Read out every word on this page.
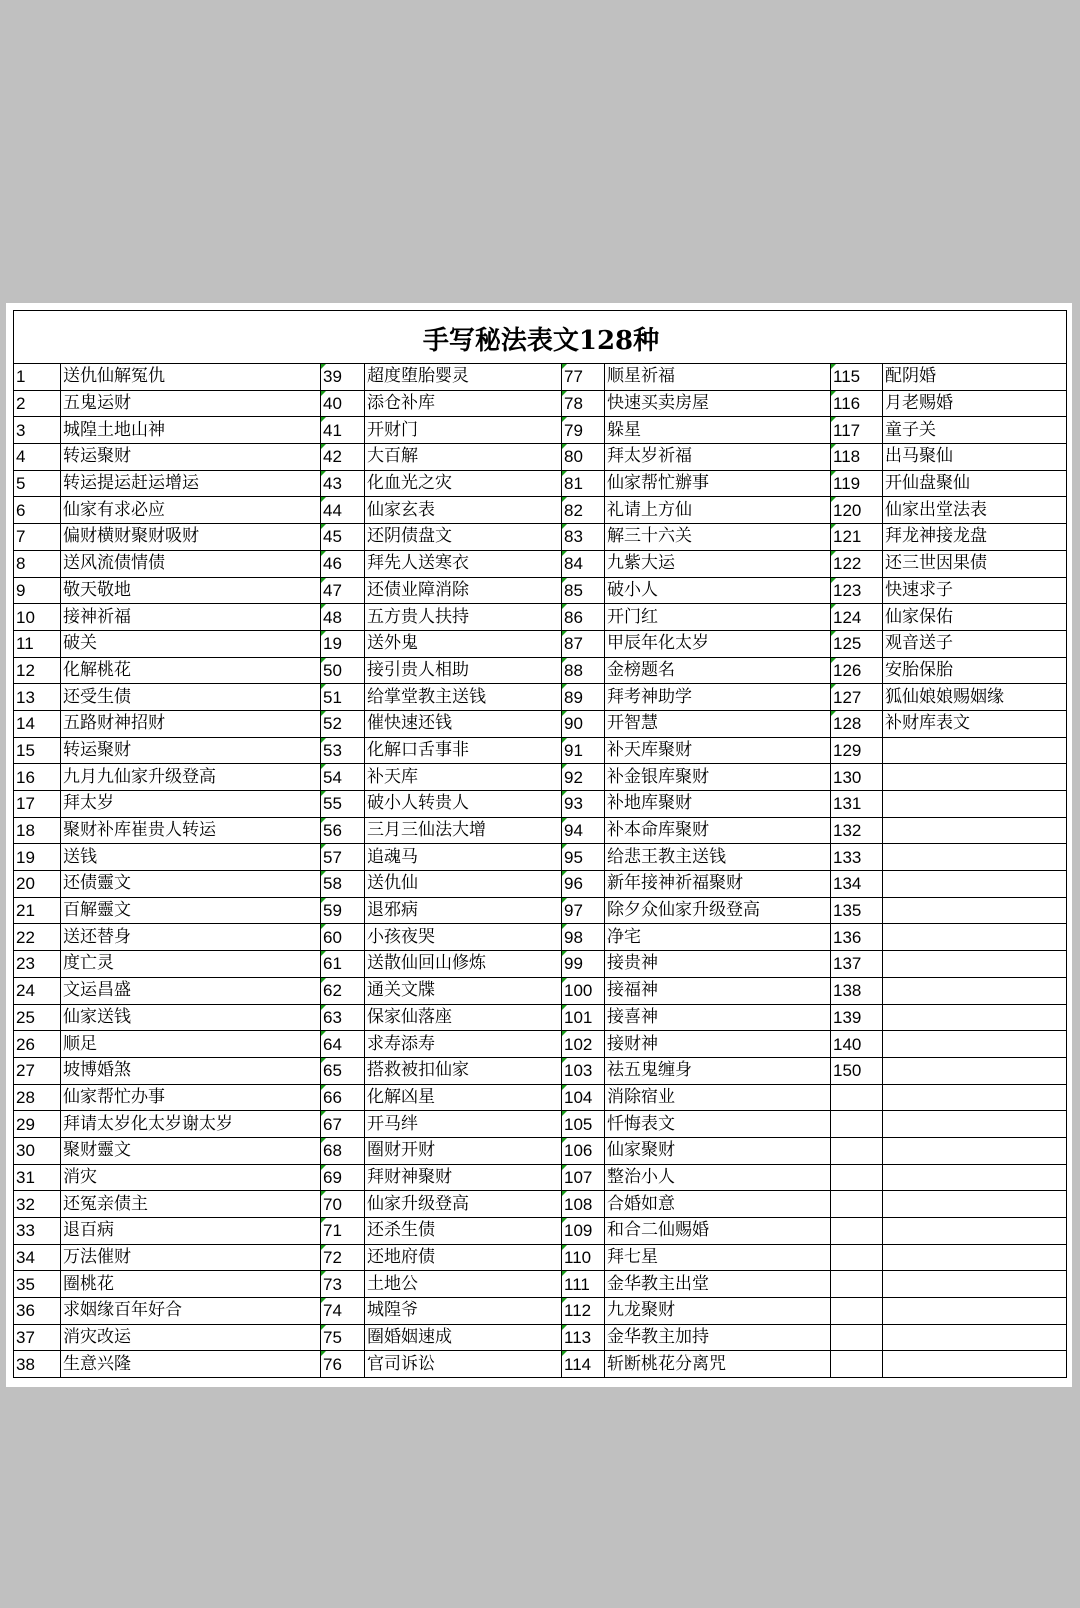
手写秘法表文128种							
1	送仇仙解冤仇	39	超度堕胎婴灵	77	顺星祈福	115	配阴婚
2	五鬼运财	40	添仓补库	78	快速买卖房屋	116	月老赐婚
3	城隍土地山神	41	开财门	79	躲星	117	童子关
4	转运聚财	42	大百解	80	拜太岁祈福	118	出马聚仙
5	转运提运赶运增运	43	化血光之灾	81	仙家帮忙辦事	119	开仙盘聚仙
6	仙家有求必应	44	仙家玄表	82	礼请上方仙	120	仙家出堂法表
7	偏财横财聚财吸财	45	还阴债盘文	83	解三十六关	121	拜龙神接龙盘
8	送风流债情债	46	拜先人送寒衣	84	九紫大运	122	还三世因果债
9	敬天敬地	47	还债业障消除	85	破小人	123	快速求子
10	接神祈福	48	五方贵人扶持	86	开门红	124	仙家保佑
11	破关	19	送外鬼	87	甲辰年化太岁	125	观音送子
12	化解桃花	50	接引贵人相助	88	金榜题名	126	安胎保胎
13	还受生债	51	给掌堂教主送钱	89	拜考神助学	127	狐仙娘娘赐姻缘
14	五路财神招财	52	催快速还钱	90	开智慧	128	补财库表文
15	转运聚财	53	化解口舌事非	91	补天库聚财	129	
16	九月九仙家升级登高	54	补天库	92	补金银库聚财	130	
17	拜太岁	55	破小人转贵人	93	补地库聚财	131	
18	聚财补库崔贵人转运	56	三月三仙法大增	94	补本命库聚财	132	
19	送钱	57	追魂马	95	给悲王教主送钱	133	
20	还债靈文	58	送仇仙	96	新年接神祈福聚财	134	
21	百解靈文	59	退邪病	97	除夕众仙家升级登高	135	
22	送还替身	60	小孩夜哭	98	净宅	136	
23	度亡灵	61	送散仙回山修炼	99	接贵神	137	
24	文运昌盛	62	通关文牒	100	接福神	138	
25	仙家送钱	63	保家仙落座	101	接喜神	139	
26	顺足	64	求寿添寿	102	接财神	140	
27	坡博婚煞	65	搭救被扣仙家	103	祛五鬼缠身	150	
28	仙家帮忙办事	66	化解凶星	104	消除宿业		
29	拜请太岁化太岁谢太岁	67	开马绊	105	忏悔表文		
30	聚财靈文	68	圈财开财	106	仙家聚财		
31	消灾	69	拜财神聚财	107	整治小人		
32	还冤亲债主	70	仙家升级登高	108	合婚如意		
33	退百病	71	还杀生债	109	和合二仙赐婚		
34	万法催财	72	还地府债	110	拜七星		
35	圈桃花	73	土地公	111	金华教主出堂		
36	求姻缘百年好合	74	城隍爷	112	九龙聚财		
37	消灾改运	75	圈婚姻速成	113	金华教主加持		
38	生意兴隆	76	官司诉讼	114	斩断桃花分离咒		
